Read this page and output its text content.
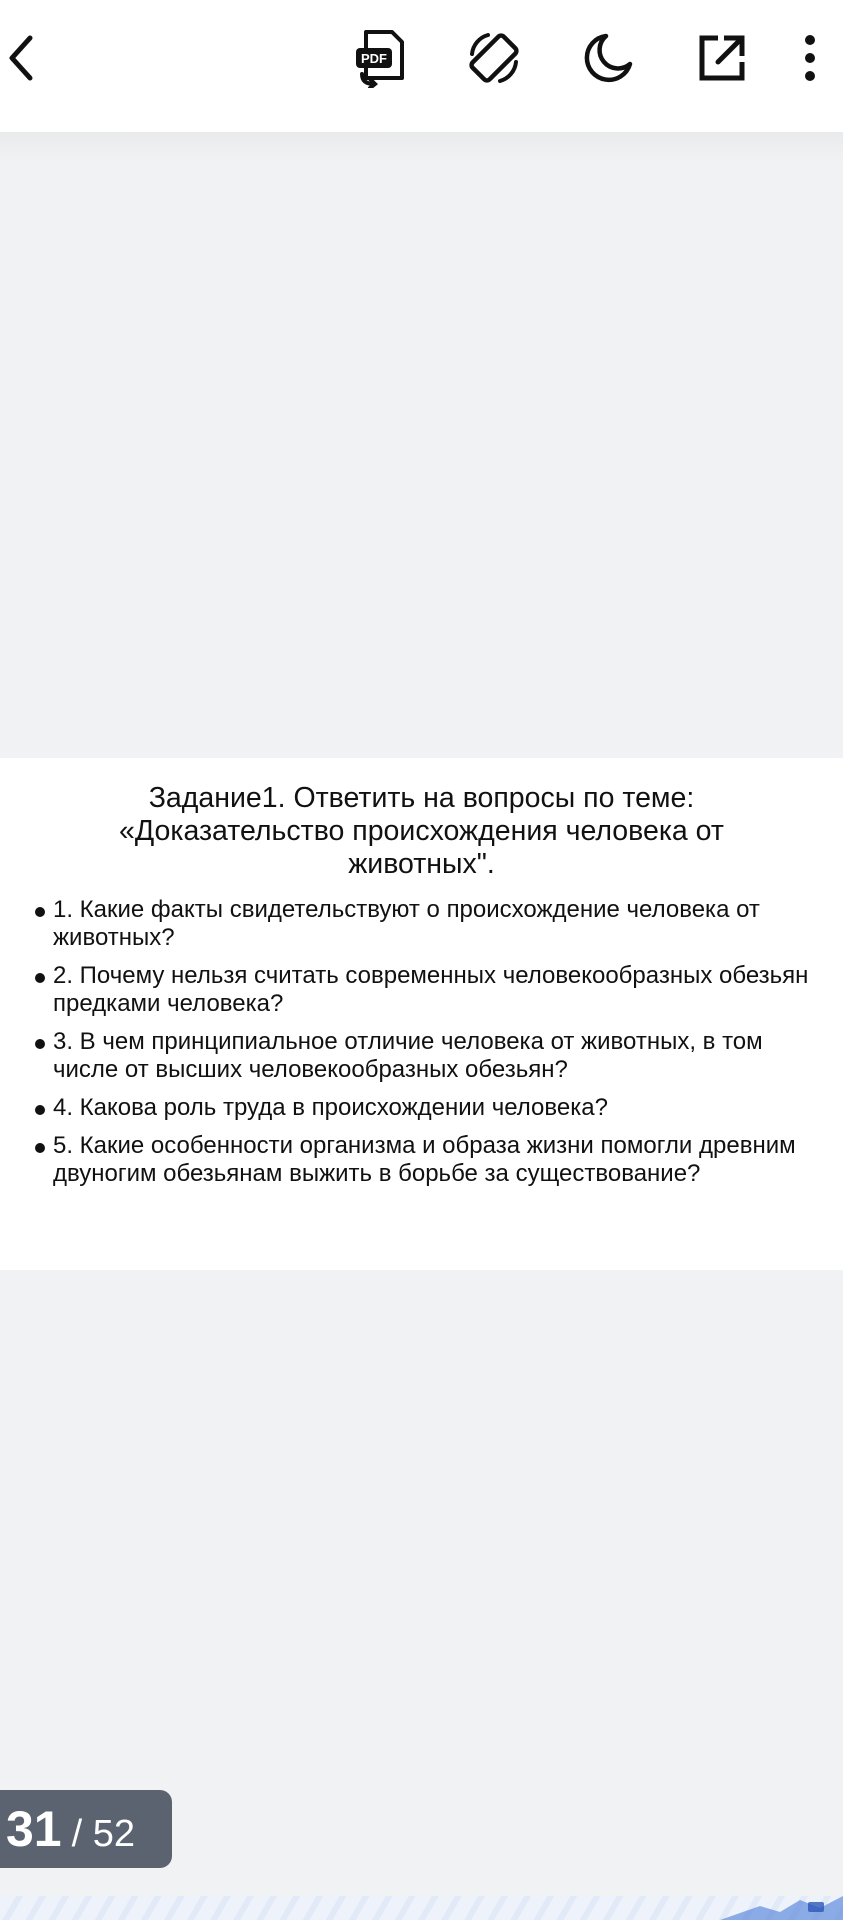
PDF
Задание1. Ответить на вопросы по теме: «Доказательство происхождения человека от животных".
1. Какие факты свидетельствуют о происхождение человека от животных?
2. Почему нельзя считать современных человекообразных обезьян предками человека?
3. В чем принципиальное отличие человека от животных, в том числе от высших человекообразных обезьян?
4. Какова роль труда в происхождении человека?
5. Какие особенности организма и образа жизни помогли древним двуногим обезьянам выжить в борьбе за существование?
31 / 52
